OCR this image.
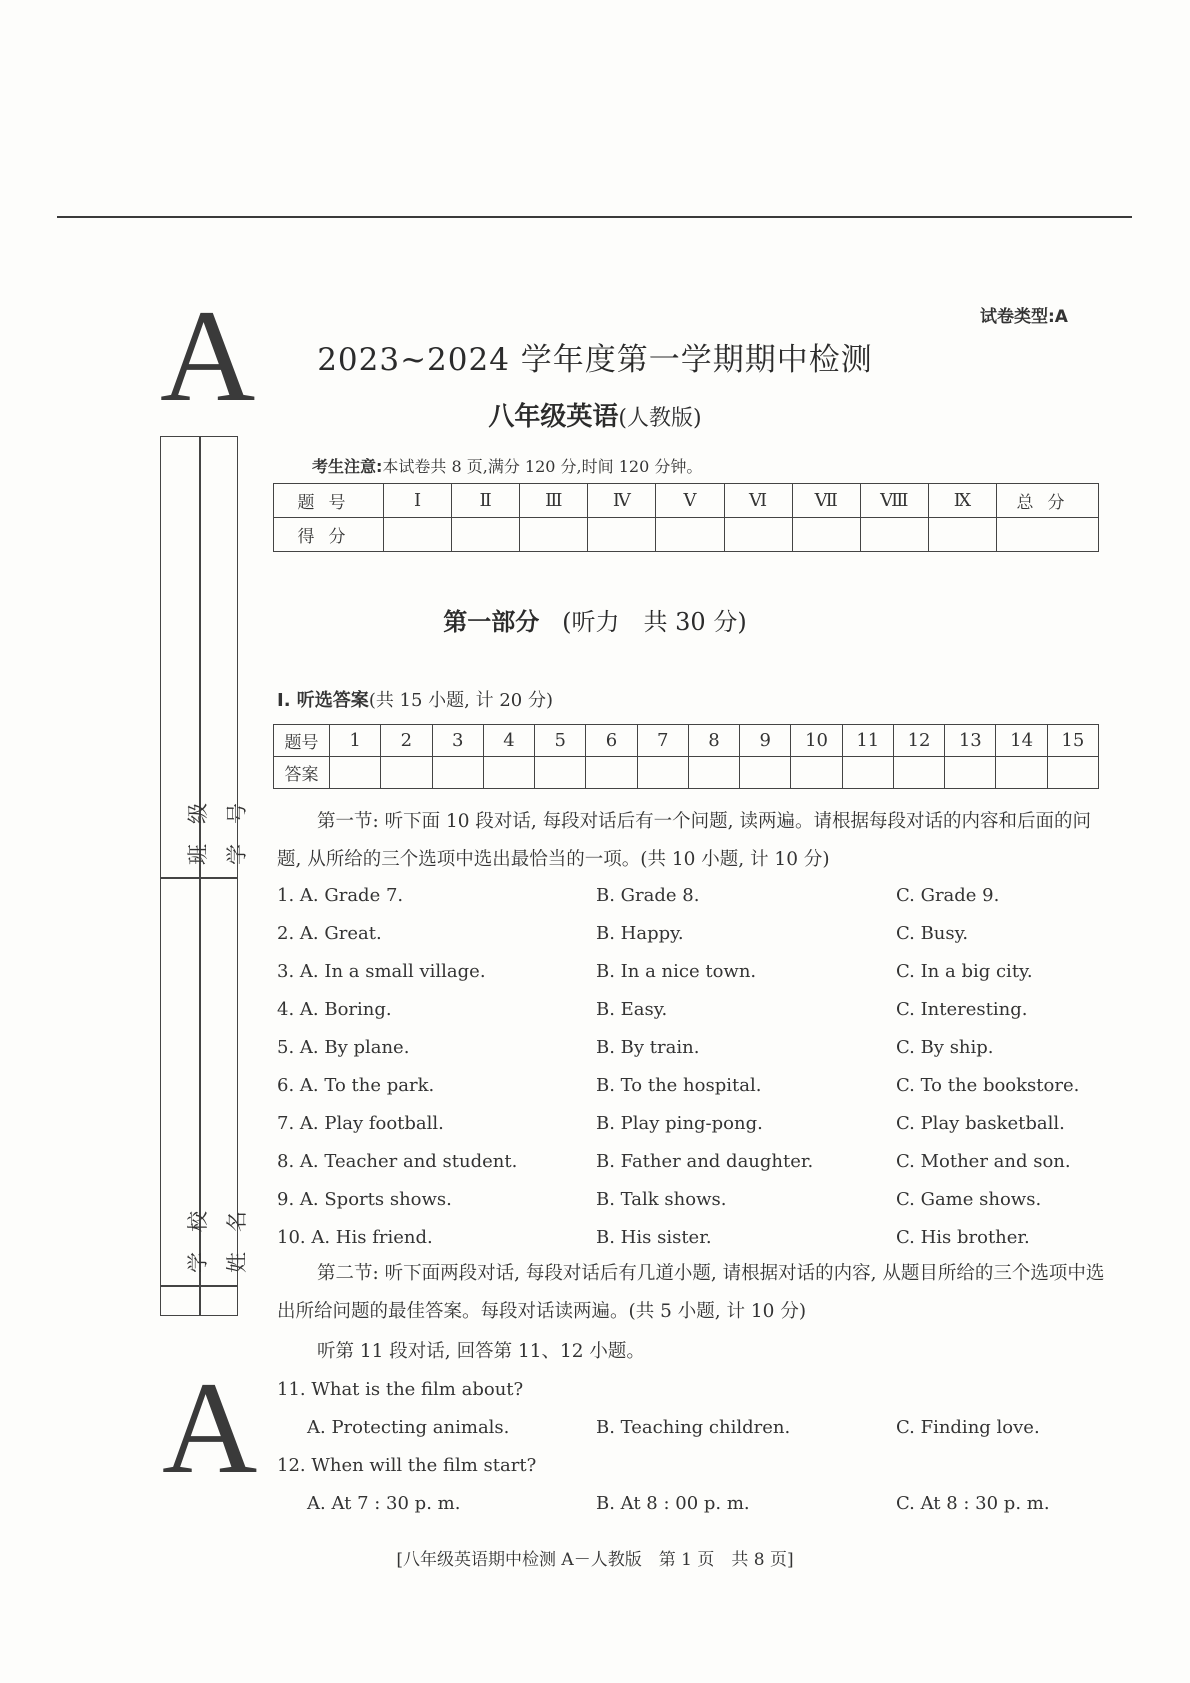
A
A
试卷类型:A
2023~2024 学年度第一学期期中检测
八年级英语(人教版)
考生注意:本试卷共 8 页,满分 120 分,时间 120 分钟。
题号	Ⅰ	Ⅱ	Ⅲ	Ⅳ	Ⅴ	Ⅵ	Ⅶ	Ⅷ	Ⅸ	总分
得分										
第一部分 (听力　共 30 分)
Ⅰ. 听选答案(共 15 小题, 计 20 分)
题号	1	2	3	4	5	6	7	8	9	10	11	12	13	14	15
答案															
第一节: 听下面 10 段对话, 每段对话后有一个问题, 读两遍。请根据每段对话的内容和后面的问题, 从所给的三个选项中选出最恰当的一项。(共 10 小题, 计 10 分)
1. A. Grade 7.	B. Grade 8.	C. Grade 9.
2. A. Great.	B. Happy.	C. Busy.
3. A. In a small village.	B. In a nice town.	C. In a big city.
4. A. Boring.	B. Easy.	C. Interesting.
5. A. By plane.	B. By train.	C. By ship.
6. A. To the park.	B. To the hospital.	C. To the bookstore.
7. A. Play football.	B. Play ping-pong.	C. Play basketball.
8. A. Teacher and student.	B. Father and daughter.	C. Mother and son.
9. A. Sports shows.	B. Talk shows.	C. Game shows.
10. A. His friend.	B. His sister.	C. His brother.
第二节: 听下面两段对话, 每段对话后有几道小题, 请根据对话的内容, 从题目所给的三个选项中选出所给问题的最佳答案。每段对话读两遍。(共 5 小题, 计 10 分)
听第 11 段对话, 回答第 11、12 小题。
11. What is the film about?
A. Protecting animals.	B. Teaching children.	C. Finding love.
12. When will the film start?
A. At 7 : 30 p. m.	B. At 8 : 00 p. m.	C. At 8 : 30 p. m.
[八年级英语期中检测 A－人教版　第 1 页　共 8 页]
班级 学号
学校 姓名
